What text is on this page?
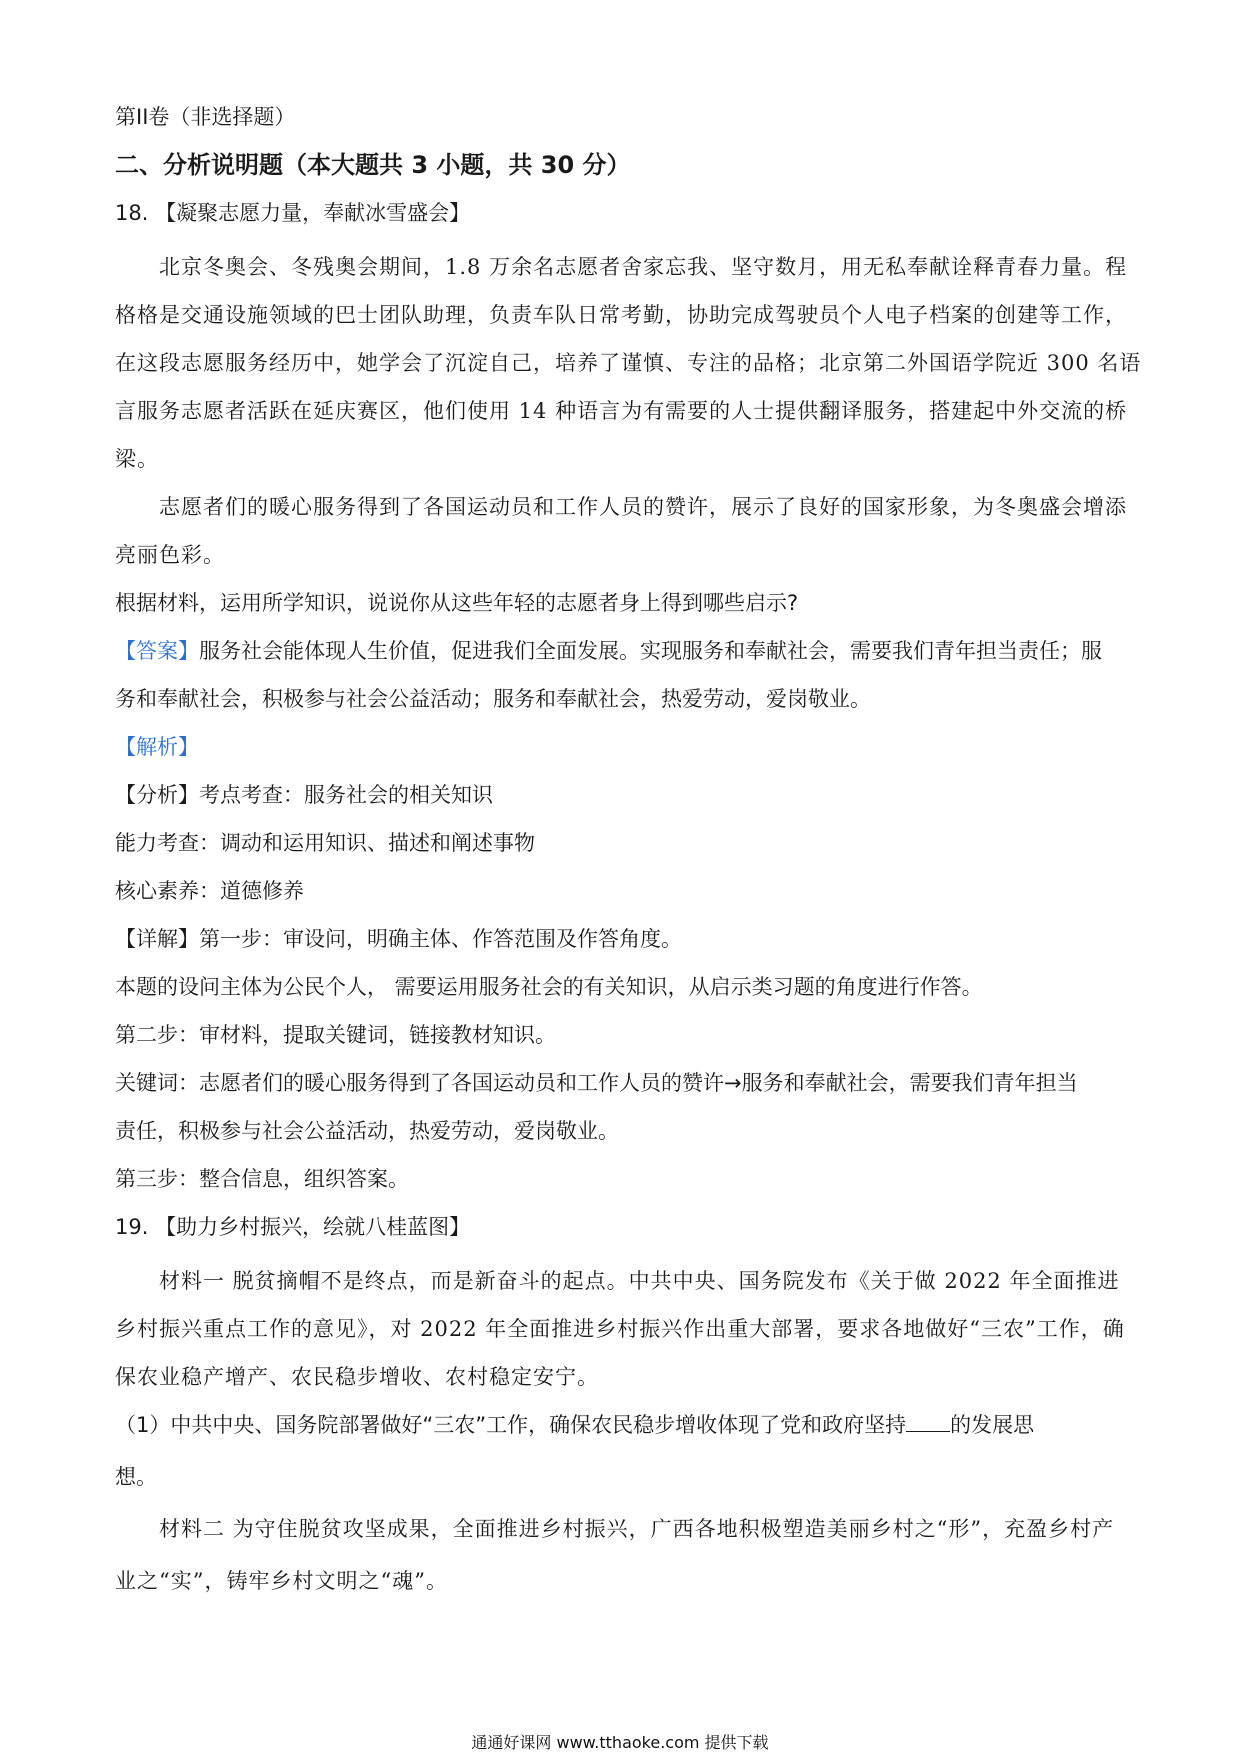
第II卷（非选择题）
二、分析说明题（本大题共 3 小题，共 30 分）
18. 【凝聚志愿力量，奉献冰雪盛会】
北京冬奥会、冬残奥会期间，1.8 万余名志愿者舍家忘我、坚守数月，用无私奉献诠释青春力量。程
格格是交通设施领域的巴士团队助理，负责车队日常考勤，协助完成驾驶员个人电子档案的创建等工作，
在这段志愿服务经历中，她学会了沉淀自己，培养了谨慎、专注的品格；北京第二外国语学院近 300 名语
言服务志愿者活跃在延庆赛区，他们使用 14 种语言为有需要的人士提供翻译服务，搭建起中外交流的桥
梁。
志愿者们的暖心服务得到了各国运动员和工作人员的赞许，展示了良好的国家形象，为冬奥盛会增添
亮丽色彩。
根据材料，运用所学知识，说说你从这些年轻的志愿者身上得到哪些启示?
【答案】服务社会能体现人生价值，促进我们全面发展。实现服务和奉献社会，需要我们青年担当责任；服
务和奉献社会，积极参与社会公益活动；服务和奉献社会，热爱劳动，爱岗敬业。
【解析】
【分析】考点考查：服务社会的相关知识
能力考查：调动和运用知识、描述和阐述事物
核心素养：道德修养
【详解】第一步：审设问，明确主体、作答范围及作答角度。
本题的设问主体为公民个人， 需要运用服务社会的有关知识，从启示类习题的角度进行作答。
第二步：审材料，提取关键词，链接教材知识。
关键词：志愿者们的暖心服务得到了各国运动员和工作人员的赞许→服务和奉献社会，需要我们青年担当
责任，积极参与社会公益活动，热爱劳动，爱岗敬业。
第三步：整合信息，组织答案。
19. 【助力乡村振兴，绘就八桂蓝图】
材料一 脱贫摘帽不是终点，而是新奋斗的起点。中共中央、国务院发布《关于做 2022 年全面推进
乡村振兴重点工作的意见》，对 2022 年全面推进乡村振兴作出重大部署，要求各地做好“三农”工作，确
保农业稳产增产、农民稳步增收、农村稳定安宁。
（1）中共中央、国务院部署做好“三农”工作，确保农民稳步增收体现了党和政府坚持 的发展思
想。
材料二 为守住脱贫攻坚成果，全面推进乡村振兴，广西各地积极塑造美丽乡村之“形”，充盈乡村产
业之“实”，铸牢乡村文明之“魂”。
通通好课网 www.tthaoke.com 提供下载
